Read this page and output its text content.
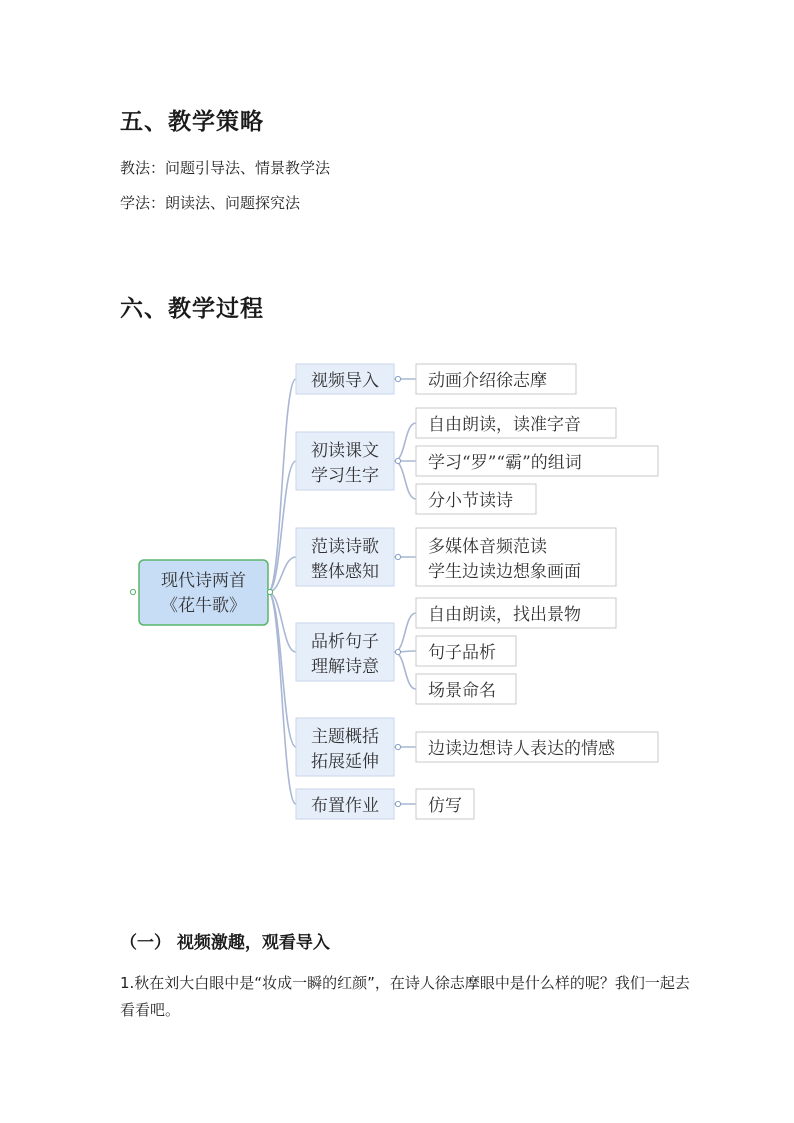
五、教学策略
教法：问题引导法、情景教学法
学法：朗读法、问题探究法
六、教学过程
现代诗两首
《花牛歌》
视频导入	动画介绍徐志摩
初读课文
学习生字
自由朗读，读准字音
学习“罗”“霸”的组词
分小节读诗
范读诗歌
整体感知
多媒体音频范读
学生边读边想象画面
品析句子
理解诗意
自由朗读，找出景物
句子品析
场景命名
主题概括
拓展延伸
边读边想诗人表达的情感
布置作业	仿写
（一） 视频激趣，观看导入
1.秋在刘大白眼中是“妆成一瞬的红颜”，在诗人徐志摩眼中是什么样的呢？我们一起去看看吧。
